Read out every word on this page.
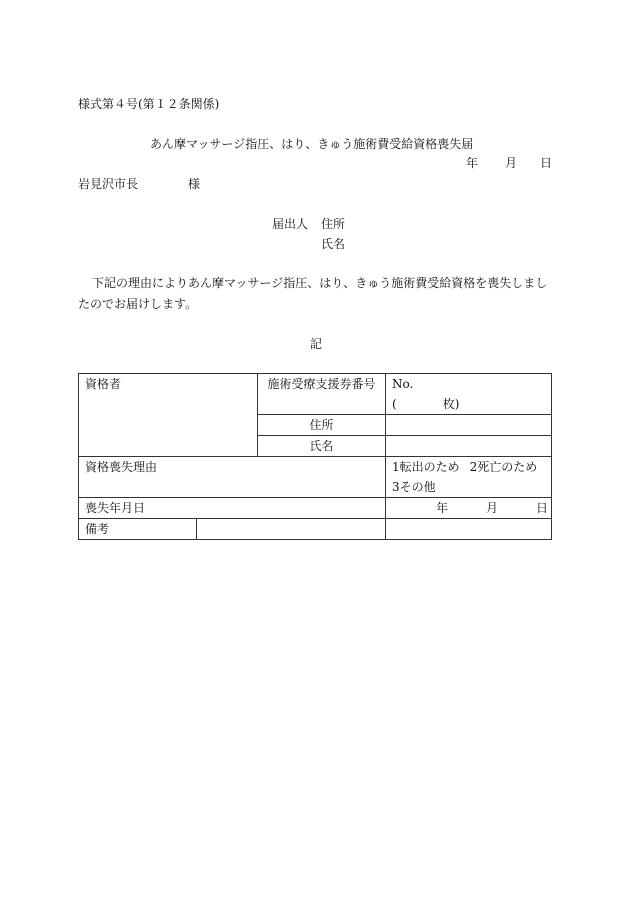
様式第４号(第１２条関係)
あん摩マッサージ指圧、はり、きゅう施術費受給資格喪失届
年 月 日
岩見沢市長	様
届出人 住所
氏名
下記の理由によりあん摩マッサージ指圧、はり、きゅう施術費受給資格を喪失しまし
たのでお届けします。
記
資格者		施術受療支援券番号	No.
( 枚)

		住所	
		氏名	
資格喪失理由			1転出のため 2死亡のため
3その他

喪失年月日			年 月 日

備考			
